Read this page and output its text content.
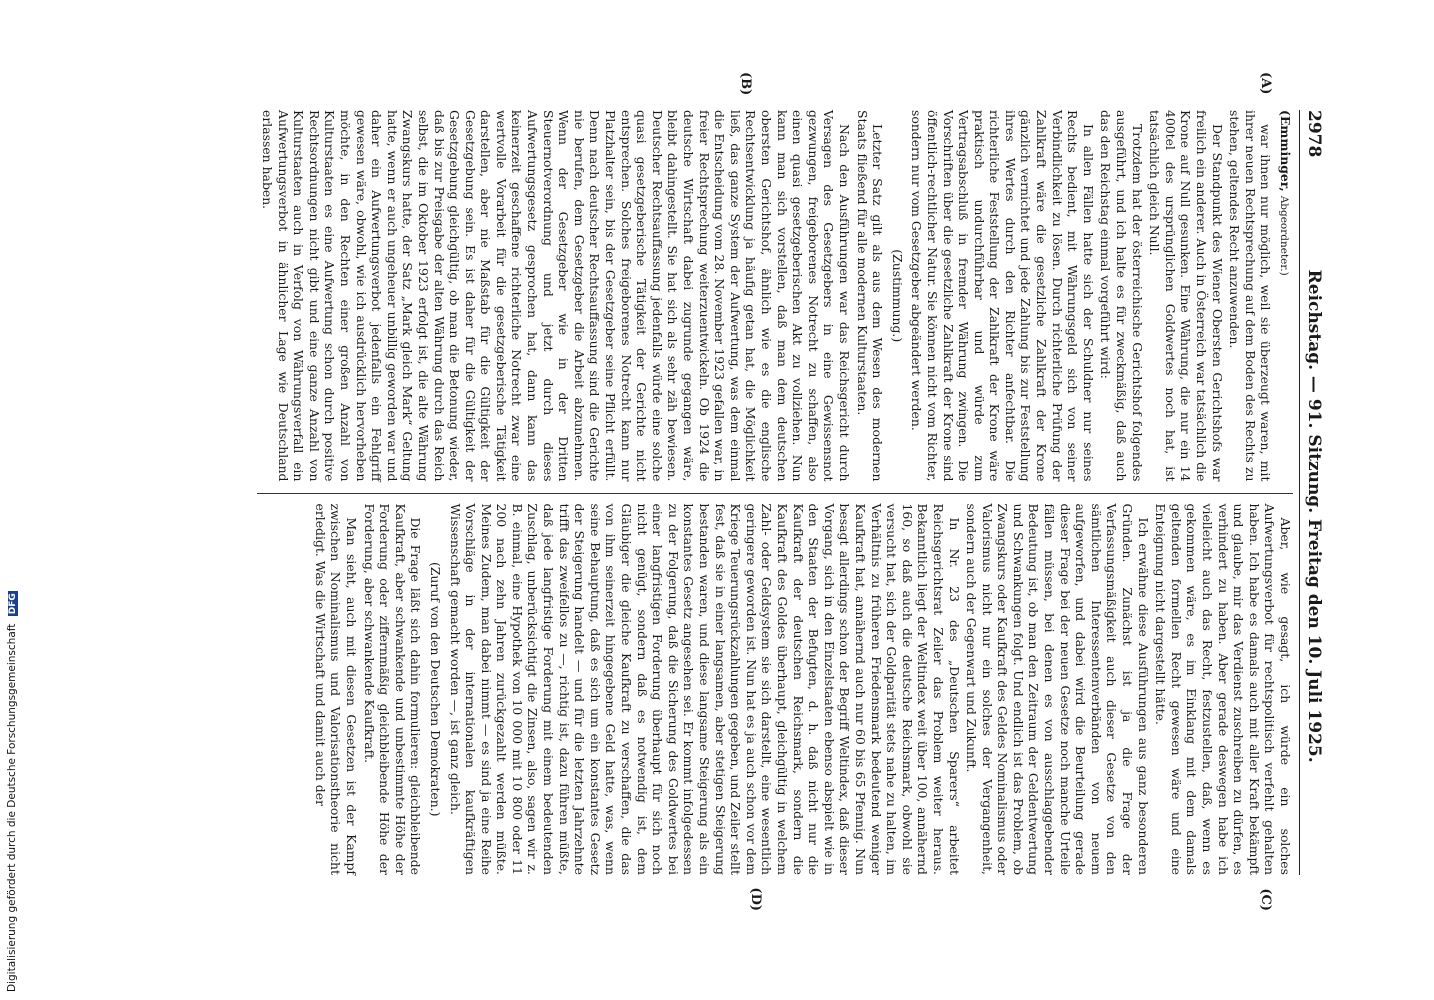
2978
Reichstag. — 91. Sitzung. Freitag den 10. Juli 1925.
(A)
(B)
(C)
(D)

(Emminger, Abgeordneter.)

war ihnen nur möglich, weil sie überzeugt waren, mit ihrer neuen Rechtsprechung auf dem Boden des Rechts zu stehen, geltendes Recht anzuwenden.

Der Standpunkt des Wiener Obersten Gerichtshofs war freilich ein anderer. Auch in Österreich war tatsächlich die Krone auf Null gesunken. Eine Währung, die nur ein 14 400tel des ursprünglichen Goldwertes noch hat, ist tatsächlich gleich Null.

Trotzdem hat der österreichische Gerichtshof folgendes ausgeführt, und ich halte es für zweckmäßig, daß auch das den Reichstag einmal vorgeführt wird:

In allen Fällen hatte sich der Schuldner nur seines Rechts bedient, mit Währungsgeld sich von seiner Verbindlichkeit zu lösen. Durch richterliche Prüfung der Zahlkraft wäre die gesetzliche Zahlkraft der Krone gänzlich vernichtet und jede Zahlung bis zur Feststellung ihres Wertes durch den Richter anfechtbar. Die richterliche Feststellung der Zahlkraft der Krone wäre praktisch undurchführbar und würde zum Vertragsabschluß in fremder Währung zwingen. Die Vorschriften über die gesetzliche Zahlkraft der Krone sind öffentlich-rechtlicher Natur. Sie können nicht vom Richter, sondern nur vom Gesetzgeber abgeändert werden.

(Zustimmung.)

Letzter Satz gilt als aus dem Wesen des modernen Staats fließend für alle modernen Kulturstaaten.

Nach den Ausführungen war das Reichsgericht durch Versagen des Gesetzgebers in eine Gewissensnot gezwungen, freigeborenes Notrecht zu schaffen, also einen quasi gesetzgeberischen Akt zu vollziehen. Nun kann man sich vorstellen, daß man dem deutschen obersten Gerichtshof, ähnlich wie es die englische Rechtsentwicklung ja häufig getan hat, die Möglichkeit ließ, das ganze System der Aufwertung, was dem einmal die Entscheidung vom 28. November 1923 gefallen war, in freier Rechtsprechung weiterzuentwickeln. Ob 1924 die deutsche Wirtschaft dabei zugrunde gegangen wäre, bleibt dahingestellt. Sie hat sich als sehr zäh bewiesen. Deutscher Rechtsauffassung jedenfalls würde eine solche quasi gesetzgeberische Tätigkeit der Gerichte nicht entsprechen. Solches freigeborenes Notrecht kann nur Platzhalter sein, bis der Gesetzgeber seine Pflicht erfüllt. Denn nach deutscher Rechtsauffassung sind die Gerichte nie berufen, dem Gesetzgeber die Arbeit abzunehmen. Wenn der Gesetzgeber wie in der Dritten Steuernotverordnung und jetzt durch dieses Aufwertungsgesetz gesprochen hat, dann kann das keinerzeit geschaffene richterliche Notrecht zwar eine wertvolle Vorarbeit für die gesetzgeberische Tätigkeit darstellen, aber nie Maßstab für die Gültigkeit der Gesetzgebung sein. Es ist daher für die Gültigkeit der Gesetzgebung gleichgültig, ob man die Betonung wieder, daß bis zur Preisgabe der alten Währung durch das Reich selbst, die im Oktober 1923 erfolgt ist, die alte Währung Zwangskurs hatte, der Satz „Mark gleich Mark“ Geltung hatte, wenn er auch ungeheuer unbillig geworden war und daher ein Aufwertungsverbot jedenfalls ein Fehlgriff gewesen wäre, obwohl, wie ich ausdrücklich hervorheben möchte, in den Rechten einer großen Anzahl von Kulturstaaten es eine Aufwertung schon durch positive Rechtsordnungen nicht gibt und eine ganze Anzahl von Kulturstaaten auch in Verfolg von Währungsverfall ein Aufwertungsverbot in ähnlicher Lage wie Deutschland erlassen haben.

Aber, wie gesagt, ich würde ein solches Aufwertungsverbot für rechtspolitisch verfehlt gehalten haben. Ich habe es damals auch mit aller Kraft bekämpft und glaube, mir das Verdienst zuschreiben zu dürfen, es verhindert zu haben. Aber gerade deswegen habe ich vielleicht auch das Recht, festzustellen, daß, wenn es gekommen wäre, es im Einklang mit dem damals geltenden formellen Recht gewesen wäre und eine Enteignung nicht dargestellt hätte.

Ich erwähne diese Ausführungen aus ganz besonderen Gründen. Zunächst ist ja die Frage der Verfassungsmäßigkeit auch dieser Gesetze von den sämtlichen Interessentenverbänden von neuem aufgeworfen, und dabei wird die Beurteilung gerade dieser Frage bei der neuen Gesetze noch manche Urteile fällen müssen, bei denen es von ausschlaggebender Bedeutung ist, ob man den Zeitraum der Geldentwertung und Schwankungen folgt. Und endlich ist das Problem, ob Zwangskurs oder Kaufkraft des Geldes Nominalismus oder Valorismus nicht nur ein solches der Vergangenheit, sondern auch der Gegenwart und Zukunft.

In Nr. 23 des „Deutschen Sparers“ arbeitet Reichsgerichtsrat Zeiler das Problem weiter heraus. Bekanntlich liegt der Weltindex weit über 100, annähernd 160, so daß auch die deutsche Reichsmark, obwohl sie versucht hat, sich der Goldparität stets nahe zu halten, im Verhältnis zu früheren Friedensmark bedeutend weniger Kaufkraft hat, annähernd auch nur 60 bis 65 Pfennig. Nun besagt allerdings schon der Begriff Weltindex, daß dieser Vorgang, sich in den Einzelstaaten ebenso abspielt wie in den Staaten der Befugten, d. h. daß nicht nur die Kaufkraft der deutschen Reichsmark, sondern die Kaufkraft des Goldes überhaupt, gleichgültig in welchem Zahl- oder Geldsystem sie sich darstellt, eine wesentlich geringere geworden ist. Nun hat es ja auch schon vor dem Kriege Teuerungsrückzahlungen gegeben, und Zeiler stellt fest, daß sie in einer langsamen, aber stetigen Steigerung bestanden waren, und diese langsame Steigerung als ein konstantes Gesetz angesehen sei. Er kommt infolgedessen zu der Folgerung, daß die Sicherung des Goldwertes bei einer langfristigen Forderung überhaupt für sich noch nicht genügt, sondern daß es notwendig ist, dem Gläubiger die gleiche Kaufkraft zu verschaffen, die das von ihm seinerzeit hingegebene Geld hatte, was, wenn seine Behauptung, daß es sich um ein konstantes Gesetz der Steigerung handelt — und für die letzten Jahrzehnte trifft das zweifellos zu —, richtig ist, dazu führen müßte, daß jede langfristige Forderung mit einem bedeutenden Zuschlag, unberücksichtigt die Zinsen, also, sagen wir z. B. einmal, eine Hypothek von 10 000 mit 10 800 oder 11 200 nach zehn Jahren zurückgezahlt werden müßte. Meines Zudem, man dabei nimmt — es sind ja eine Reihe Vorschläge in der internationalen kaufkräftigen Wissenschaft gemacht worden —, ist ganz gleich.

(Zuruf von den Deutschen Demokraten.)

Die Frage läßt sich dahin formulieren: gleichbleibende Kaufkraft, aber schwankende und unbestimmte Höhe der Forderung oder ziffernmäßig gleichbleibende Höhe der Forderung, aber schwankende Kaufkraft.

Man sieht, auch mit diesen Gesetzen ist der Kampf zwischen Nominalismus und Valorisationstheorie nicht erledigt. Was die Wirtschaft und damit auch der

Digitalisierung gefördert durch die Deutsche Forschungsgemeinschaft DFG
